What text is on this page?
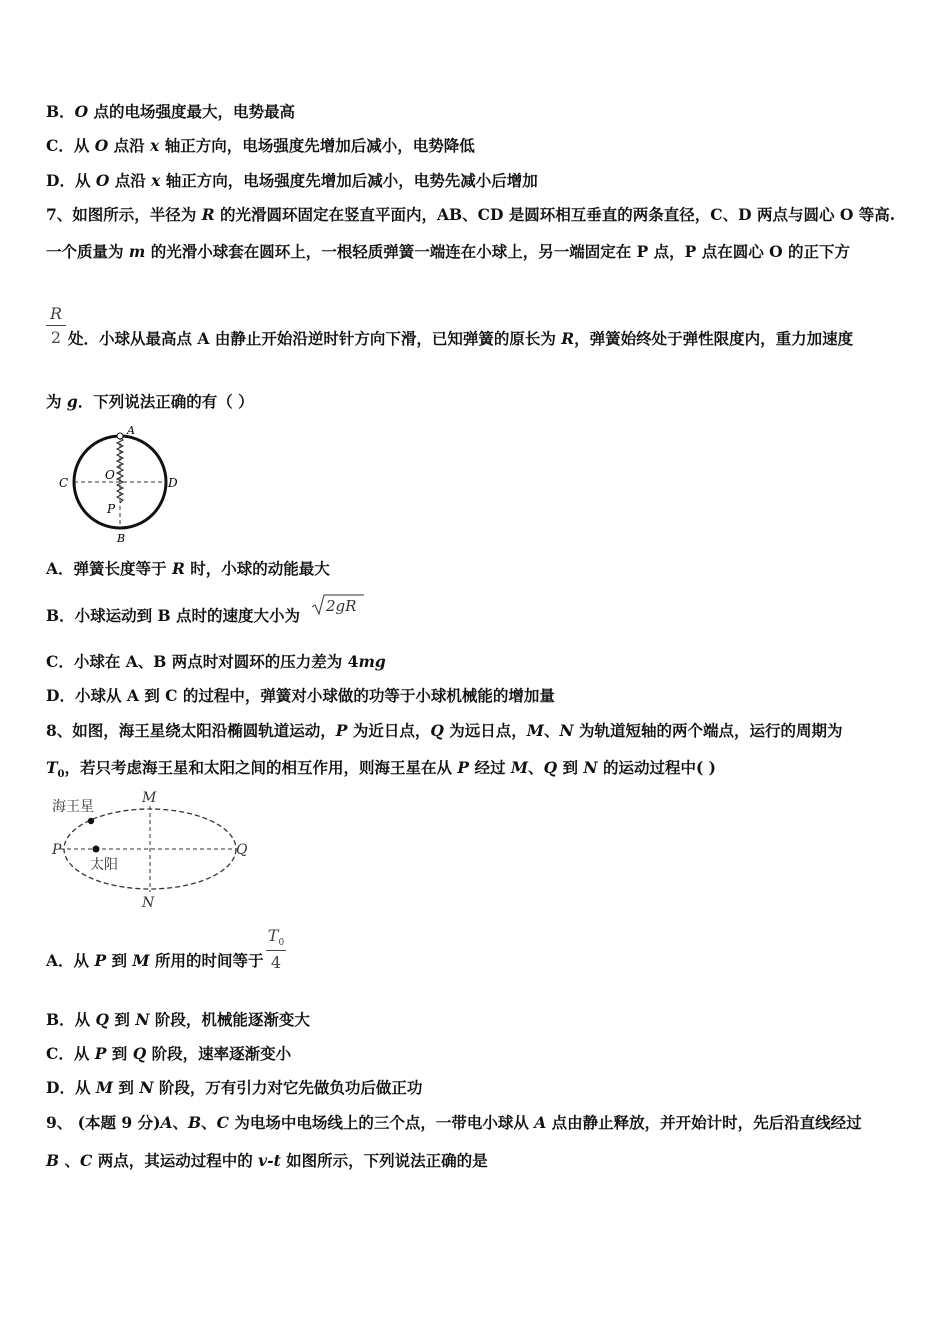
B．O 点的电场强度最大，电势最高
C．从 O 点沿 x 轴正方向，电场强度先增加后减小，电势降低
D．从 O 点沿 x 轴正方向，电场强度先增加后减小，电势先减小后增加
7、如图所示，半径为 R 的光滑圆环固定在竖直平面内，AB、CD 是圆环相互垂直的两条直径，C、D 两点与圆心 O 等高.
一个质量为 m 的光滑小球套在圆环上，一根轻质弹簧一端连在小球上，另一端固定在 P 点，P 点在圆心 O 的正下方
R
2 处．小球从最高点 A 由静止开始沿逆时针方向下滑，已知弹簧的原长为 R，弹簧始终处于弹性限度内，重力加速度
为 g．下列说法正确的有（ ）
A
C	D
O
P
B
A．弹簧长度等于 R 时，小球的动能最大
B．小球运动到 B 点时的速度大小为 2gR
C．小球在 A、B 两点时对圆环的压力差为 4mg
D．小球从 A 到 C 的过程中，弹簧对小球做的功等于小球机械能的增加量
8、如图，海王星绕太阳沿椭圆轨道运动，P 为近日点，Q 为远日点，M、N 为轨道短轴的两个端点，运行的周期为
$T_0$，若只考虑海王星和太阳之间的相互作用，则海王星在从 P 经过 M、Q 到 N 的运动过程中( )
海王星
太阳
M
N
P	Q
A．从 P 到 M 所用的时间等于
$T_0$
4
B．从 Q 到 N 阶段，机械能逐渐变大
C．从 P 到 Q 阶段，速率逐渐变小
D．从 M 到 N 阶段，万有引力对它先做负功后做正功
9、 (本题 9 分)A、B、C 为电场中电场线上的三个点，一带电小球从 A 点由静止释放，并开始计时，先后沿直线经过
B 、C 两点，其运动过程中的 v-t 如图所示，下列说法正确的是
